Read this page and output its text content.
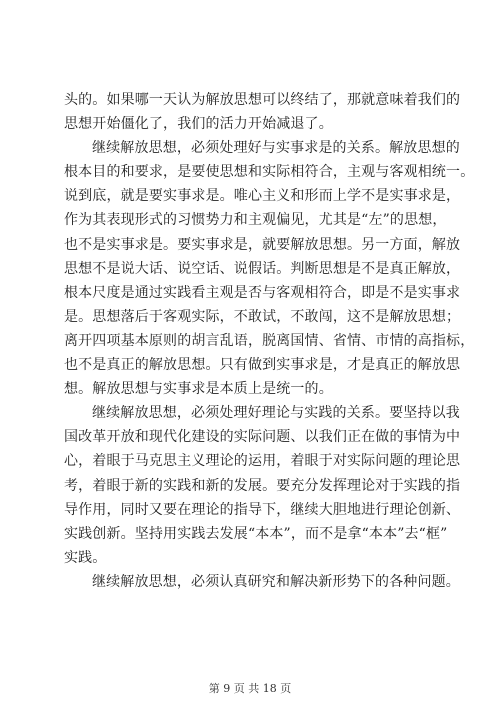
头的。如果哪一天认为解放思想可以终结了，那就意味着我们的
思想开始僵化了，我们的活力开始减退了。
继续解放思想，必须处理好与实事求是的关系。解放思想的
根本目的和要求，是要使思想和实际相符合，主观与客观相统一。
说到底，就是要实事求是。唯心主义和形而上学不是实事求是，
作为其表现形式的习惯势力和主观偏见，尤其是“左”的思想，
也不是实事求是。要实事求是，就要解放思想。另一方面，解放
思想不是说大话、说空话、说假话。判断思想是不是真正解放，
根本尺度是通过实践看主观是否与客观相符合，即是不是实事求
是。思想落后于客观实际，不敢试，不敢闯，这不是解放思想；
离开四项基本原则的胡言乱语，脱离国情、省情、市情的高指标，
也不是真正的解放思想。只有做到实事求是，才是真正的解放思
想。解放思想与实事求是本质上是统一的。
继续解放思想，必须处理好理论与实践的关系。要坚持以我
国改革开放和现代化建设的实际问题、以我们正在做的事情为中
心，着眼于马克思主义理论的运用，着眼于对实际问题的理论思
考，着眼于新的实践和新的发展。要充分发挥理论对于实践的指
导作用，同时又要在理论的指导下，继续大胆地进行理论创新、
实践创新。坚持用实践去发展“本本”，而不是拿“本本”去“框”
实践。
继续解放思想，必须认真研究和解决新形势下的各种问题。
第 9 页 共 18 页
